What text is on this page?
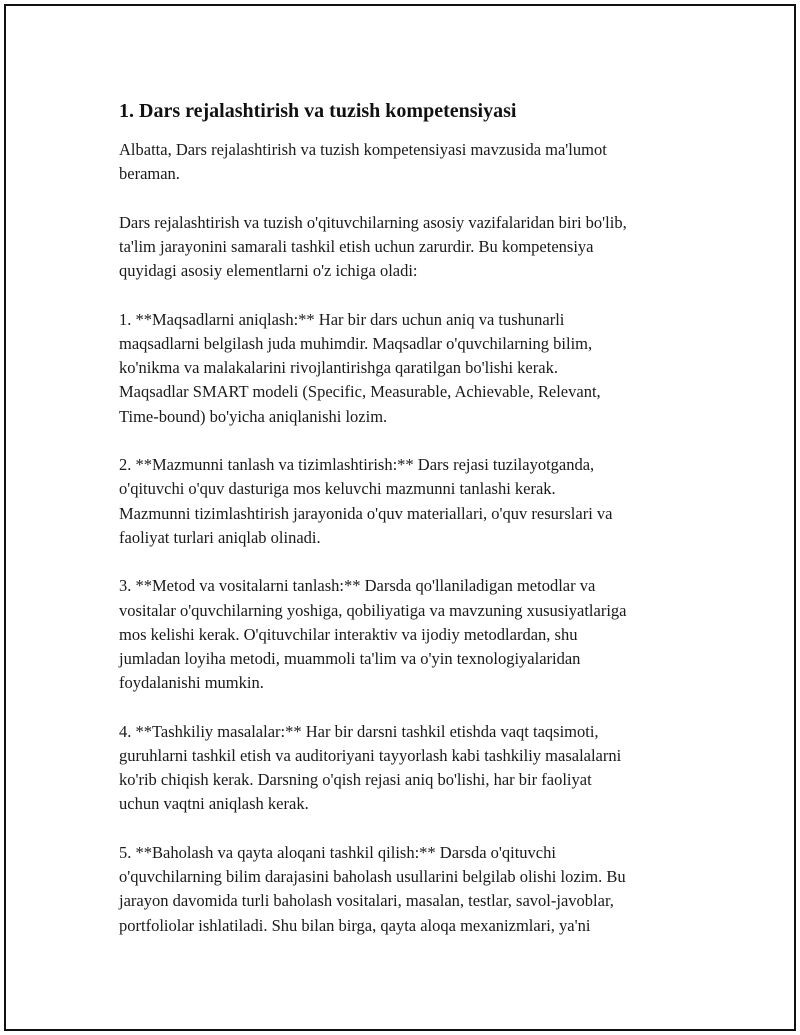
1. Dars rejalashtirish va tuzish kompetensiyasi

Albatta, Dars rejalashtirish va tuzish kompetensiyasi mavzusida ma'lumot
beraman.

Dars rejalashtirish va tuzish o'qituvchilarning asosiy vazifalaridan biri bo'lib,
ta'lim jarayonini samarali tashkil etish uchun zarurdir. Bu kompetensiya
quyidagi asosiy elementlarni o'z ichiga oladi:

1. **Maqsadlarni aniqlash:** Har bir dars uchun aniq va tushunarli
maqsadlarni belgilash juda muhimdir. Maqsadlar o'quvchilarning bilim,
ko'nikma va malakalarini rivojlantirishga qaratilgan bo'lishi kerak.
Maqsadlar SMART modeli (Specific, Measurable, Achievable, Relevant,
Time-bound) bo'yicha aniqlanishi lozim.

2. **Mazmunni tanlash va tizimlashtirish:** Dars rejasi tuzilayotganda,
o'qituvchi o'quv dasturiga mos keluvchi mazmunni tanlashi kerak.
Mazmunni tizimlashtirish jarayonida o'quv materiallari, o'quv resurslari va
faoliyat turlari aniqlab olinadi.

3. **Metod va vositalarni tanlash:** Darsda qo'llaniladigan metodlar va
vositalar o'quvchilarning yoshiga, qobiliyatiga va mavzuning xususiyatlariga
mos kelishi kerak. O'qituvchilar interaktiv va ijodiy metodlardan, shu
jumladan loyiha metodi, muammoli ta'lim va o'yin texnologiyalaridan
foydalanishi mumkin.

4. **Tashkiliy masalalar:** Har bir darsni tashkil etishda vaqt taqsimoti,
guruhlarni tashkil etish va auditoriyani tayyorlash kabi tashkiliy masalalarni
ko'rib chiqish kerak. Darsning o'qish rejasi aniq bo'lishi, har bir faoliyat
uchun vaqtni aniqlash kerak.

5. **Baholash va qayta aloqani tashkil qilish:** Darsda o'qituvchi
o'quvchilarning bilim darajasini baholash usullarini belgilab olishi lozim. Bu
jarayon davomida turli baholash vositalari, masalan, testlar, savol-javoblar,
portfoliolar ishlatiladi. Shu bilan birga, qayta aloqa mexanizmlari, ya'ni
